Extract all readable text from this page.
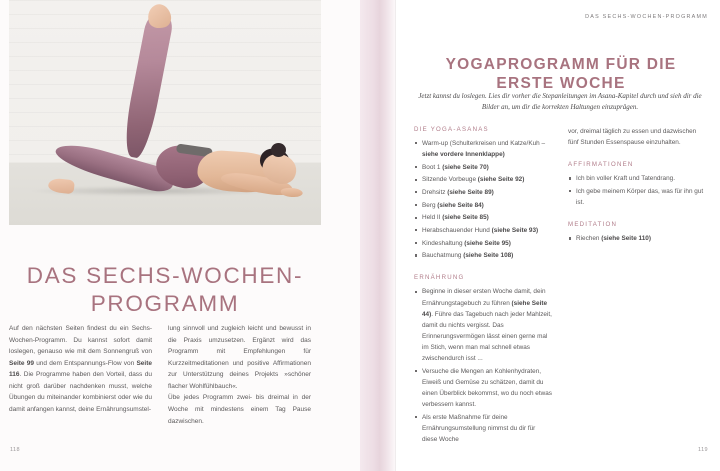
DAS SECHS-WOCHEN-
PROGRAMM

Auf den nächsten Seiten findest du ein Sechs-Wochen-Programm. Du kannst sofort damit loslegen, genauso wie mit dem Sonnengruß von Seite 99 und dem Entspannungs-Flow von Seite 116. Die Programme haben den Vorteil, dass du nicht groß darüber nachdenken musst, welche Übungen du miteinander kombinierst oder wie du damit anfangen kannst, deine Ernährungsumstel-

lung sinnvoll und zugleich leicht und bewusst in die Praxis umzusetzen. Ergänzt wird das Programm mit Empfehlungen für Kurzzeitmeditationen und positive Affirmationen zur Unterstützung deines Projekts »schöner flacher Wohlfühlbauch«.

Übe jedes Programm zwei- bis dreimal in der Woche mit mindestens einem Tag Pause dazwischen.

118
DAS SECHS-WOCHEN-PROGRAMM
YOGAPROGRAMM FÜR DIE
ERSTE WOCHE

Jetzt kannst du loslegen. Lies dir vorher die Stepanleitungen im Asana-Kapitel durch und sieh dir die Bilder an, um dir die korrekten Haltungen einzuprägen.

DIE YOGA-ASANAS
Warm-up (Schulterkreisen und Katze/Kuh – siehe vordere Innenklappe)
Boot 1 (siehe Seite 70)
Sitzende Vorbeuge (siehe Seite 92)
Drehsitz (siehe Seite 89)
Berg (siehe Seite 84)
Held II (siehe Seite 85)
Herabschauender Hund (siehe Seite 93)
Kindeshaltung (siehe Seite 95)
Bauchatmung (siehe Seite 108)
ERNÄHRUNG
Beginne in dieser ersten Woche damit, dein Ernährungstagebuch zu führen (siehe Seite 44). Führe das Tagebuch nach jeder Mahlzeit, damit du nichts vergisst. Das Erinnerungsvermögen lässt einen gerne mal im Stich, wenn man mal schnell etwas zwischendurch isst ...
Versuche die Mengen an Kohlenhydraten, Eiweiß und Gemüse zu schätzen, damit du einen Überblick bekommst, wo du noch etwas verbessern kannst.
Als erste Maßnahme für deine Ernährungsumstellung nimmst du dir für diese Woche

vor, dreimal täglich zu essen und dazwischen fünf Stunden Essenspause einzuhalten.

AFFIRMATIONEN
Ich bin voller Kraft und Tatendrang.
Ich gebe meinem Körper das, was für ihn gut ist.
MEDITATION
Riechen (siehe Seite 110)
119
